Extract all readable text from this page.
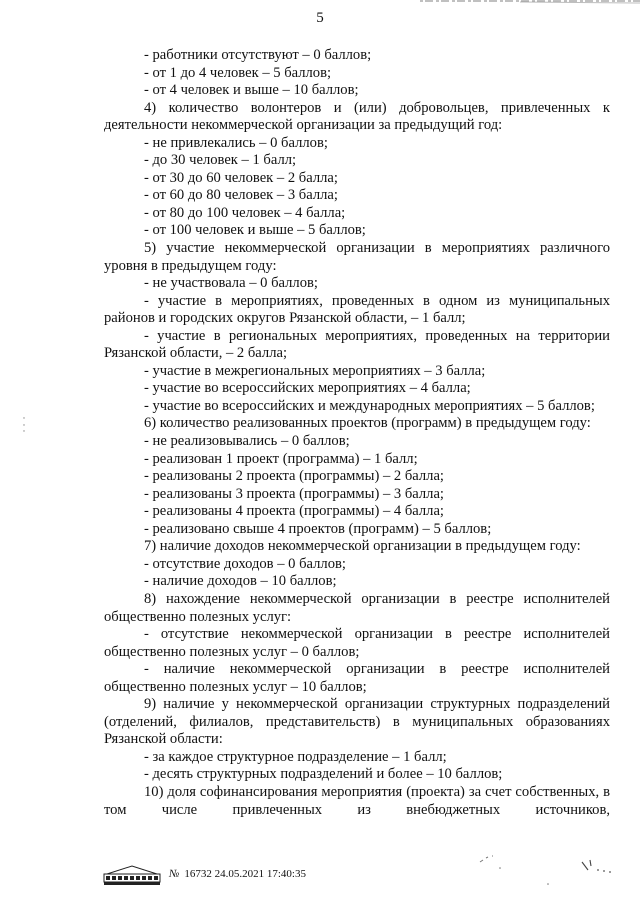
5

- работники отсутствуют – 0 баллов;

- от 1 до 4 человек – 5 баллов;

- от 4 человек и выше – 10 баллов;

4) количество волонтеров и (или) добровольцев, привлеченных к деятельности некоммерческой организации за предыдущий год:

- не привлекались – 0 баллов;

- до 30 человек – 1 балл;

- от 30 до 60 человек – 2 балла;

- от 60 до 80 человек – 3 балла;

- от 80 до 100 человек – 4 балла;

- от 100 человек и выше – 5 баллов;

5) участие некоммерческой организации в мероприятиях различного уровня в предыдущем году:

- не участвовала – 0 баллов;

- участие в мероприятиях, проведенных в одном из муниципальных районов и городских округов Рязанской области, – 1 балл;

- участие в региональных мероприятиях, проведенных на территории Рязанской области, – 2 балла;

- участие в межрегиональных мероприятиях – 3 балла;

- участие во всероссийских мероприятиях – 4 балла;

- участие во всероссийских и международных мероприятиях – 5 баллов;

6) количество реализованных проектов (программ) в предыдущем году:

- не реализовывались – 0 баллов;

- реализован 1 проект (программа) – 1 балл;

- реализованы 2 проекта (программы) – 2 балла;

- реализованы 3 проекта (программы) – 3 балла;

- реализованы 4 проекта (программы) – 4 балла;

- реализовано свыше 4 проектов (программ) – 5 баллов;

7) наличие доходов некоммерческой организации в предыдущем году:

- отсутствие доходов – 0 баллов;

- наличие доходов – 10 баллов;

8) нахождение некоммерческой организации в реестре исполнителей общественно полезных услуг:

- отсутствие некоммерческой организации в реестре исполнителей общественно полезных услуг – 0 баллов;

- наличие некоммерческой организации в реестре исполнителей общественно полезных услуг – 10 баллов;

9) наличие у некоммерческой организации структурных подразделений (отделений, филиалов, представительств) в муниципальных образованиях Рязанской области:

- за каждое структурное подразделение – 1 балл;

- десять структурных подразделений и более – 10 баллов;

10) доля софинансирования мероприятия (проекта) за счет собственных, в том числе привлеченных из внебюджетных источников,

№ 16732 24.05.2021 17:40:35
